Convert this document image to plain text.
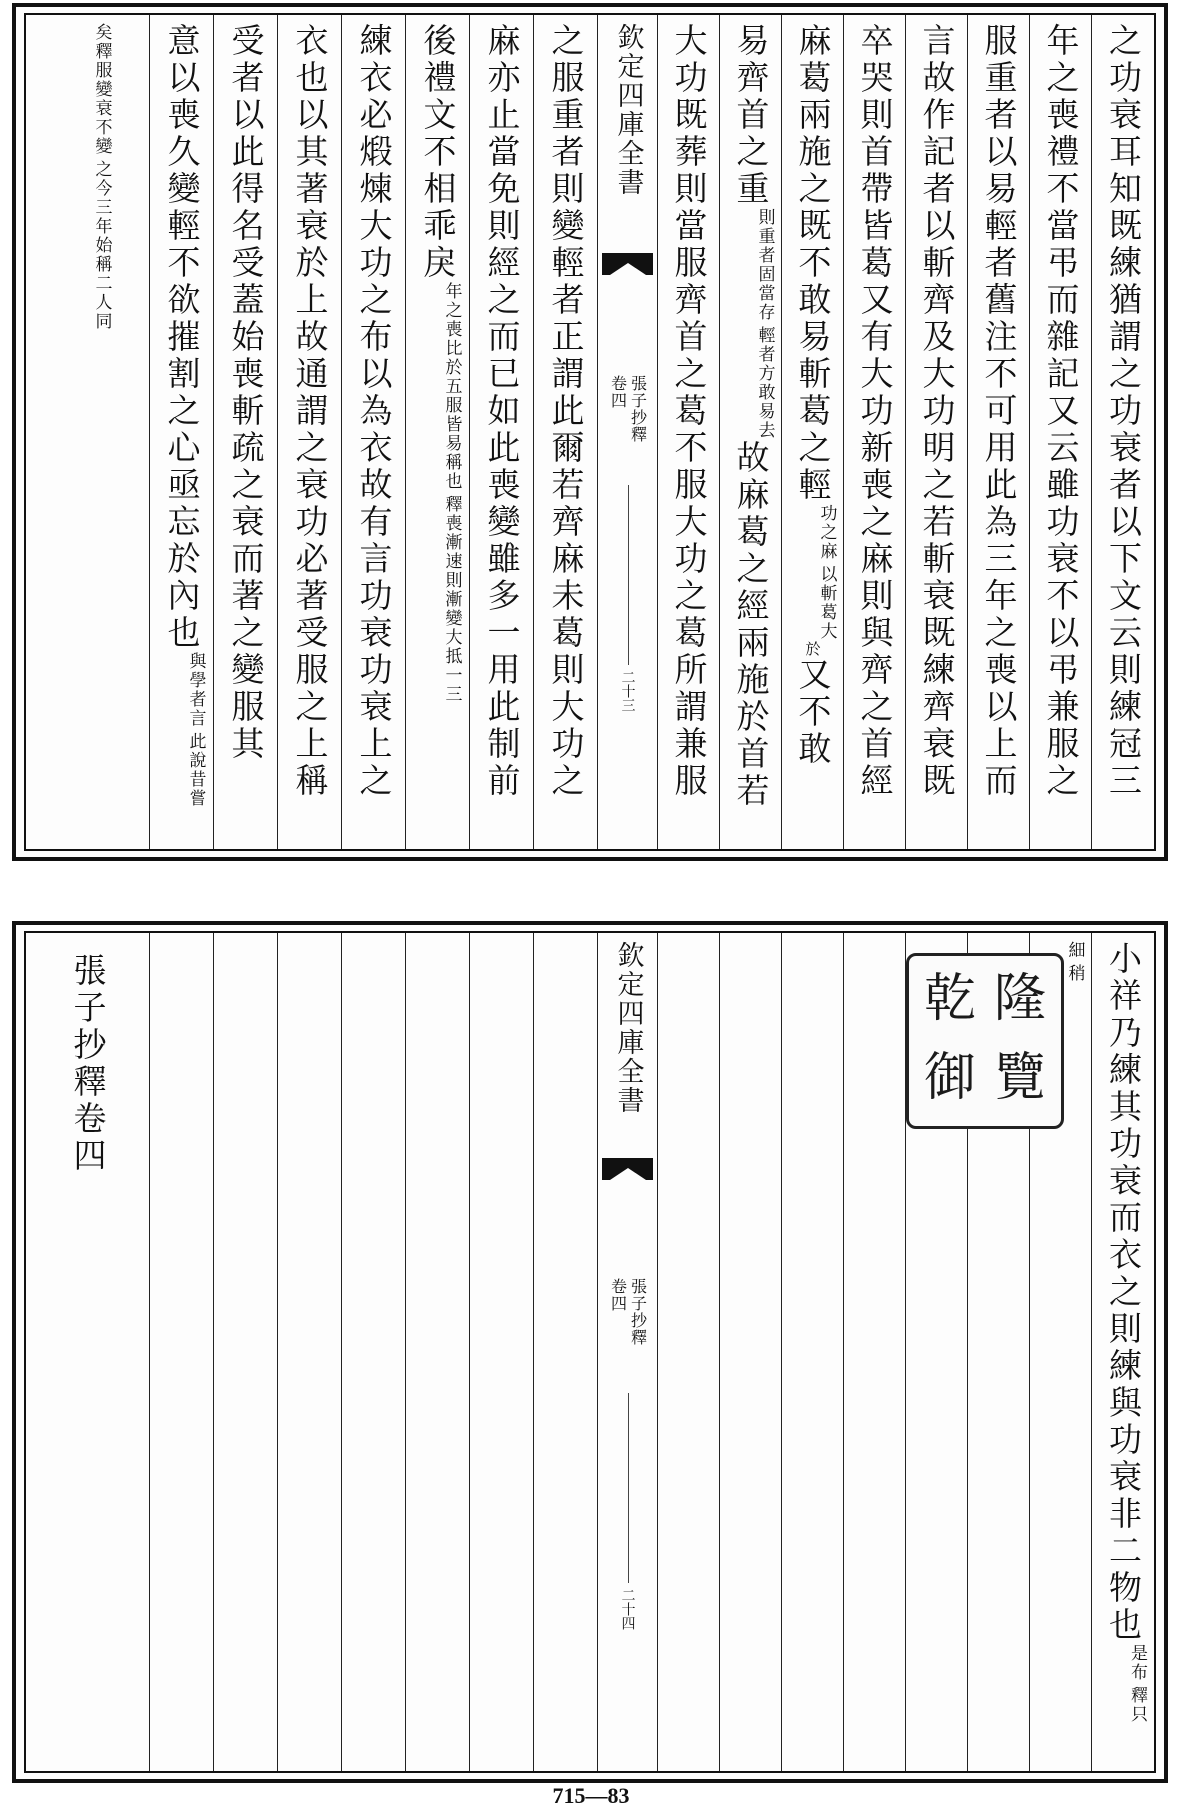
之功衰耳知既練猶謂之功衰者以下文云則練冠三
年之喪禮不當弔而雜記又云雖功衰不以弔兼服之
服重者以易輕者舊注不可用此為三年之喪以上而
言故作記者以斬齊及大功明之若斬衰既練齊衰既
卒哭則首帶皆葛又有大功新喪之麻則與齊之首經
麻葛兩施之既不敢易斬葛之輕
以斬葛大
功之麻
於又不敢
易齊首之重
輕者方敢易去
則重者固當存
故麻葛之經兩施於首若
大功既葬則當服齊首之葛不服大功之葛所謂兼服
欽定四庫全書
張子抄釋
卷四
二十三
之服重者則變輕者正謂此爾若齊麻未葛則大功之
麻亦止當免則經之而已如此喪變雖多一用此制前
後禮文不相乖戾
釋喪漸速則漸變大抵一三
年之喪比於五服皆易稱也
練衣必煅煉大功之布以為衣故有言功衰功衰上之
衣也以其著衰於上故通謂之衰功必著受服之上稱
受者以此得名受蓋始喪斬疏之衰而著之變服其
意以喪久變輕不欲摧割之心亟忘於內也
此說昔嘗
與學者言
之今三年始稱二人同
矣釋服變衰不變
小祥乃練其功衰而衣之則練與功衰非二物也
釋只
是布
稍
細
乾 隆
御 覽
欽定四庫全書
張子抄釋
卷四
二十四
張子抄釋卷四
715—83
